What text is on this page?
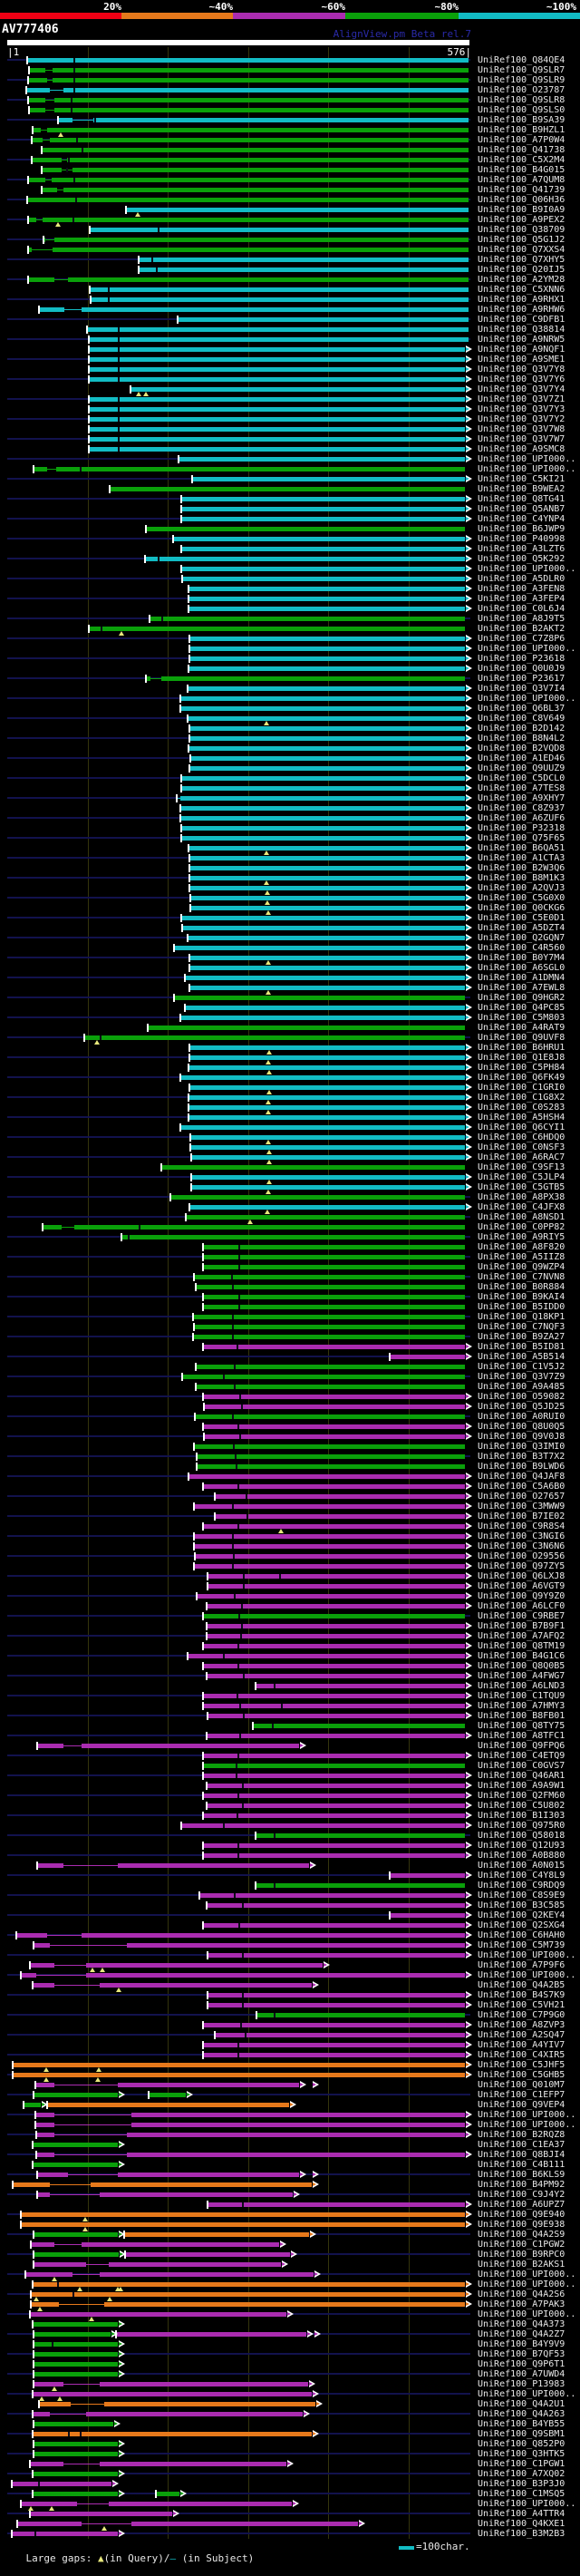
20%	~40%	~60%	~80%	~100%
AV777406	AlignView.pm Beta rel.7
|1	576|
UniRef100_Q84QE4
UniRef100_Q9SLR7
UniRef100_Q9SLR9
UniRef100_O23787
UniRef100_Q9SLR8
UniRef100_Q9SLS0
UniRef100_B9SA39
UniRef100_B9HZL1
UniRef100_A7P0W4
UniRef100_Q41738
UniRef100_C5X2M4
UniRef100_B4G015
UniRef100_A7QUM8
UniRef100_Q41739
UniRef100_Q06H36
UniRef100_B9I0A9
UniRef100_A9PEX2
UniRef100_Q38709
UniRef100_Q5G1J2
UniRef100_Q7XXS4
UniRef100_Q7XHY5
UniRef100_Q20IJ5
UniRef100_A2YM28
UniRef100_C5XNN6
UniRef100_A9RHX1
UniRef100_A9RHW6
UniRef100_C9DFB1
UniRef100_Q38814
UniRef100_A9NRW5
UniRef100_A9NQF1
UniRef100_A9SME1
UniRef100_Q3V7Y8
UniRef100_Q3V7Y6
UniRef100_Q3V7Y4
UniRef100_Q3V7Z1
UniRef100_Q3V7Y3
UniRef100_Q3V7Y2
UniRef100_Q3V7W8
UniRef100_Q3V7W7
UniRef100_A9SMC8
UniRef100_UPI000..
UniRef100_UPI000..
UniRef100_C5KI21
UniRef100_B9WEA2
UniRef100_Q8TG41
UniRef100_Q5ANB7
UniRef100_C4YNP4
UniRef100_B6JWP9
UniRef100_P40998
UniRef100_A3LZT6
UniRef100_Q5K292
UniRef100_UPI000..
UniRef100_A5DLR0
UniRef100_A3FEN8
UniRef100_A3FEP4
UniRef100_C0L6J4
UniRef100_A8J9T5
UniRef100_B2AKT2
UniRef100_C7Z8P6
UniRef100_UPI000..
UniRef100_P23618
UniRef100_Q0U0J9
UniRef100_P23617
UniRef100_Q3V7I4
UniRef100_UPI000..
UniRef100_Q6BL37
UniRef100_C8V649
UniRef100_B2D142
UniRef100_B8N4L2
UniRef100_B2VQD8
UniRef100_A1ED46
UniRef100_Q9UUZ9
UniRef100_C5DCL0
UniRef100_A7TES8
UniRef100_A9XHY7
UniRef100_C8Z937
UniRef100_A6ZUF6
UniRef100_P32318
UniRef100_Q75F65
UniRef100_B6QA51
UniRef100_A1CTA3
UniRef100_B2W3Q6
UniRef100_B8M1K3
UniRef100_A2QVJ3
UniRef100_C5G0X0
UniRef100_Q0CKG6
UniRef100_C5E0D1
UniRef100_A5DZT4
UniRef100_Q2GQN7
UniRef100_C4R560
UniRef100_B0Y7M4
UniRef100_A6SGL0
UniRef100_A1DMN4
UniRef100_A7EWL8
UniRef100_Q9HGR2
UniRef100_Q4PC85
UniRef100_C5M803
UniRef100_A4RAT9
UniRef100_Q9UVF8
UniRef100_B6HRU1
UniRef100_Q1E8J8
UniRef100_C5PH84
UniRef100_Q6FK49
UniRef100_C1GRI0
UniRef100_C1G8X2
UniRef100_C0S283
UniRef100_A5HSH4
UniRef100_Q6CYI1
UniRef100_C6HDQ0
UniRef100_C0NSF3
UniRef100_A6RAC7
UniRef100_C9SF13
UniRef100_C5JLP4
UniRef100_C5GTB5
UniRef100_A8PX38
UniRef100_C4JFX8
UniRef100_A8NSD1
UniRef100_C0PP82
UniRef100_A9RIY5
UniRef100_A8F820
UniRef100_A5IIZ8
UniRef100_Q9WZP4
UniRef100_C7NVN8
UniRef100_B0R884
UniRef100_B9KAI4
UniRef100_B5IDD0
UniRef100_Q18KP1
UniRef100_C7NQF3
UniRef100_B9ZA27
UniRef100_B5ID81
UniRef100_A5B514
UniRef100_C1V5J2
UniRef100_Q3V7Z9
UniRef100_A9A485
UniRef100_O59082
UniRef100_Q5JD25
UniRef100_A0RUI0
UniRef100_Q8U0Q5
UniRef100_Q9V0J8
UniRef100_Q3IMI0
UniRef100_B3T7X2
UniRef100_B9LWD6
UniRef100_Q4JAF8
UniRef100_C5A6B0
UniRef100_O27657
UniRef100_C3MWW9
UniRef100_B7IE02
UniRef100_C9R8S4
UniRef100_C3NGI6
UniRef100_C3N6N6
UniRef100_O29556
UniRef100_Q97ZY5
UniRef100_Q6LXJ8
UniRef100_A6VGT9
UniRef100_Q9Y9Z0
UniRef100_A6LCF0
UniRef100_C9RBE7
UniRef100_B7B9F1
UniRef100_A7AFQ2
UniRef100_Q8TM19
UniRef100_B4G1C6
UniRef100_Q8Q0B5
UniRef100_A4FWG7
UniRef100_A6LND3
UniRef100_C1TQU9
UniRef100_A7HMY3
UniRef100_B8FB01
UniRef100_Q8TY75
UniRef100_A8TFC1
UniRef100_Q9FPQ6
UniRef100_C4ETQ9
UniRef100_C0GVS7
UniRef100_Q46AR1
UniRef100_A9A9W1
UniRef100_Q2FM60
UniRef100_C5U802
UniRef100_B1I303
UniRef100_Q975R0
UniRef100_Q58018
UniRef100_Q12U93
UniRef100_A0B880
UniRef100_A0N015
UniRef100_C4Y8L9
UniRef100_C9RDQ9
UniRef100_C8S9E9
UniRef100_B3C585
UniRef100_Q2KEY4
UniRef100_Q2SXG4
UniRef100_C6HAH0
UniRef100_C5M739
UniRef100_UPI000..
UniRef100_A7P9F6
UniRef100_UPI000..
UniRef100_Q4A2B5
UniRef100_B4S7K9
UniRef100_C5VH21
UniRef100_C7P9G0
UniRef100_A8ZVP3
UniRef100_A2SQ47
UniRef100_A4YIV7
UniRef100_C4XIR5
UniRef100_C5JHF5
UniRef100_C5GHB5
UniRef100_Q010M7
UniRef100_C1EFP7
UniRef100_Q9VEP4
UniRef100_UPI000..
UniRef100_UPI000..
UniRef100_B2RQZ8
UniRef100_C1EA37
UniRef100_Q8BJI4
UniRef100_C4B111
UniRef100_B6KLS9
UniRef100_B4PM92
UniRef100_C9J4Y2
UniRef100_A6UPZ7
UniRef100_Q9E940
UniRef100_Q9E938
UniRef100_Q4A2S9
UniRef100_C1PGW2
UniRef100_B9RPC0
UniRef100_B2AKS1
UniRef100_UPI000..
UniRef100_UPI000..
UniRef100_Q4A2S6
UniRef100_A7PAK3
UniRef100_UPI000..
UniRef100_Q4A373
UniRef100_Q4A2Z7
UniRef100_B4Y9V9
UniRef100_B7QF53
UniRef100_Q9P6T1
UniRef100_A7UWD4
UniRef100_P13983
UniRef100_UPI000..
UniRef100_Q4A2U1
UniRef100_Q4A263
UniRef100_B4YB55
UniRef100_Q9SBM1
UniRef100_Q852P0
UniRef100_Q3HTK5
UniRef100_C1PGW1
UniRef100_A7XQ02
UniRef100_B3P3J0
UniRef100_C1MSQ5
UniRef100_UPI000..
UniRef100_A4TTR4
UniRef100_Q4KXE1
UniRef100_B3M2B3

Large gaps: ▲(in Query)/— (in Subject)

=100char.
